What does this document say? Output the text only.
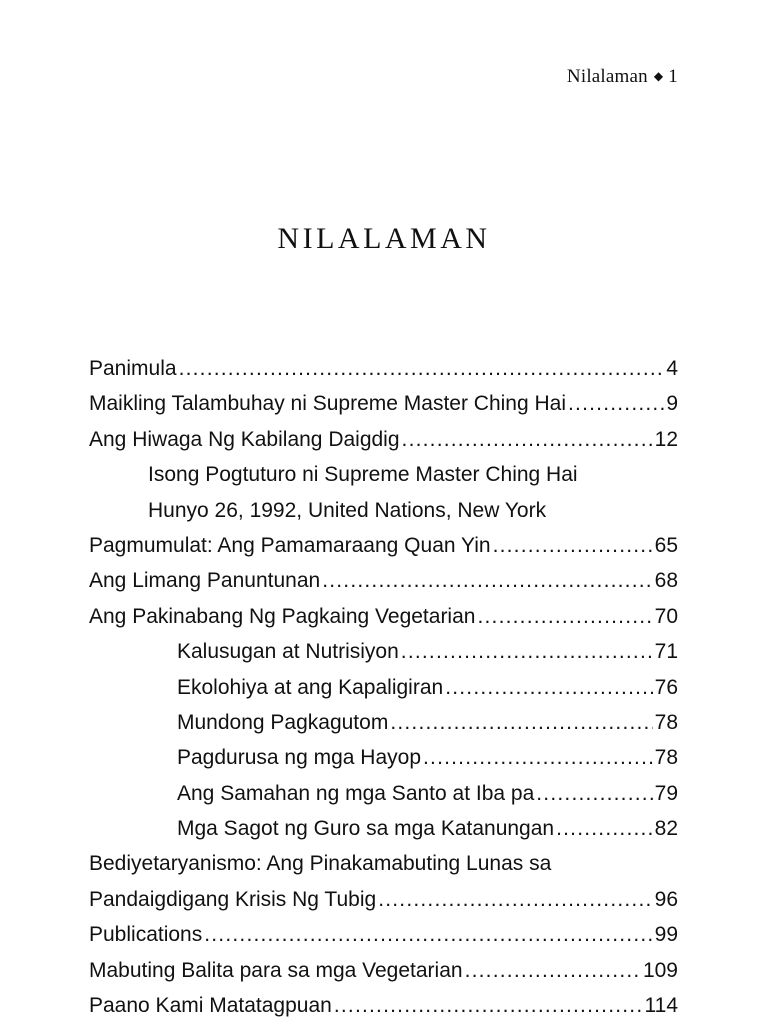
Nilalaman ◆ 1
NILALAMAN
Panimula .....	4
Maikling Talambuhay ni Supreme Master Ching Hai .....	9
Ang Hiwaga Ng Kabilang Daigdig .....	12
Isong Pogtuturo ni Supreme Master Ching Hai
Hunyo 26, 1992, United Nations, New York
Pagmumulat: Ang Pamamaraang Quan Yin .....	65
Ang Limang Panuntunan .....	68
Ang Pakinabang Ng Pagkaing Vegetarian .....	70
Kalusugan at Nutrisiyon .....	71
Ekolohiya at ang Kapaligiran .....	76
Mundong Pagkagutom .....	78
Pagdurusa ng mga Hayop .....	78
Ang Samahan ng mga Santo at Iba pa .....	79
Mga Sagot ng Guro sa mga Katanungan .....	82
Bediyetaryanismo: Ang Pinakamabuting Lunas sa
Pandaigdigang Krisis Ng Tubig .....	96
Publications .....	99
Mabuting Balita para sa mga Vegetarian .....	109
Paano Kami Matatagpuan .....	114
